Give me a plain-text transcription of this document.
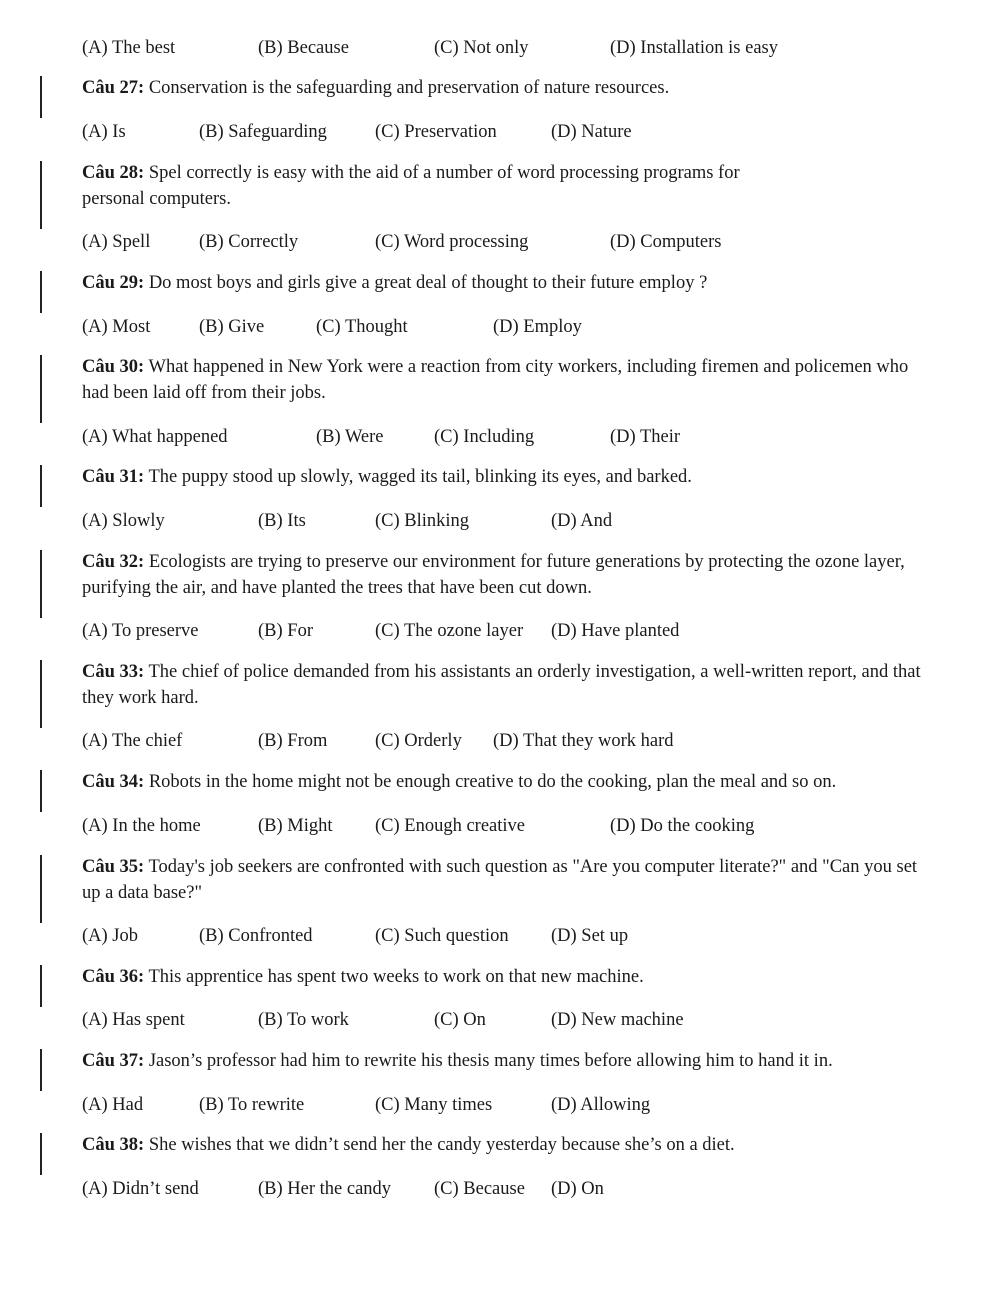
(A) The best	(B) Because	(C) Not only	(D) Installation is easy
Câu 27: Conservation is the safeguarding and preservation of nature resources.
(A) Is	(B) Safeguarding	(C) Preservation	(D) Nature
Câu 28: Spel correctly is easy with the aid of a number of word processing programs for personal computers.
(A) Spell	(B) Correctly	(C) Word processing	(D) Computers
Câu 29: Do most boys and girls give a great deal of thought to their future employ ?
(A) Most	(B) Give	(C) Thought	(D) Employ
Câu 30: What happened in New York were a reaction from city workers, including firemen and policemen who had been laid off from their jobs.
(A) What happened	(B) Were	(C) Including	(D) Their
Câu 31: The puppy stood up slowly, wagged its tail, blinking its eyes, and barked.
(A) Slowly	(B) Its	(C) Blinking	(D) And
Câu 32: Ecologists are trying to preserve our environment for future generations by protecting the ozone layer, purifying the air, and have planted the trees that have been cut down.
(A) To preserve	(B) For	(C) The ozone layer (D) Have planted
Câu 33: The chief of police demanded from his assistants an orderly investigation, a well-written report, and that they work hard.
(A) The chief	(B) From	(C) Orderly (D) That they work hard
Câu 34: Robots in the home might not be enough creative to do the cooking, plan the meal and so on.
(A) In the home	(B) Might (C) Enough creative	(D) Do the cooking
Câu 35: Today's job seekers are confronted with such question as "Are you computer literate?" and "Can you set up a data base?"
(A) Job	(B) Confronted	(C) Such question (D) Set up
Câu 36: This apprentice has spent two weeks to work on that new machine.
(A) Has spent	(B) To work	(C) On	(D) New machine
Câu 37: Jason’s professor had him to rewrite his thesis many times before allowing him to hand it in.
(A) Had	(B) To rewrite	(C) Many times	(D) Allowing
Câu 38: She wishes that we didn’t send her the candy yesterday because she’s on a diet.
(A) Didn’t send	(B) Her the candy (C) Because (D) On
